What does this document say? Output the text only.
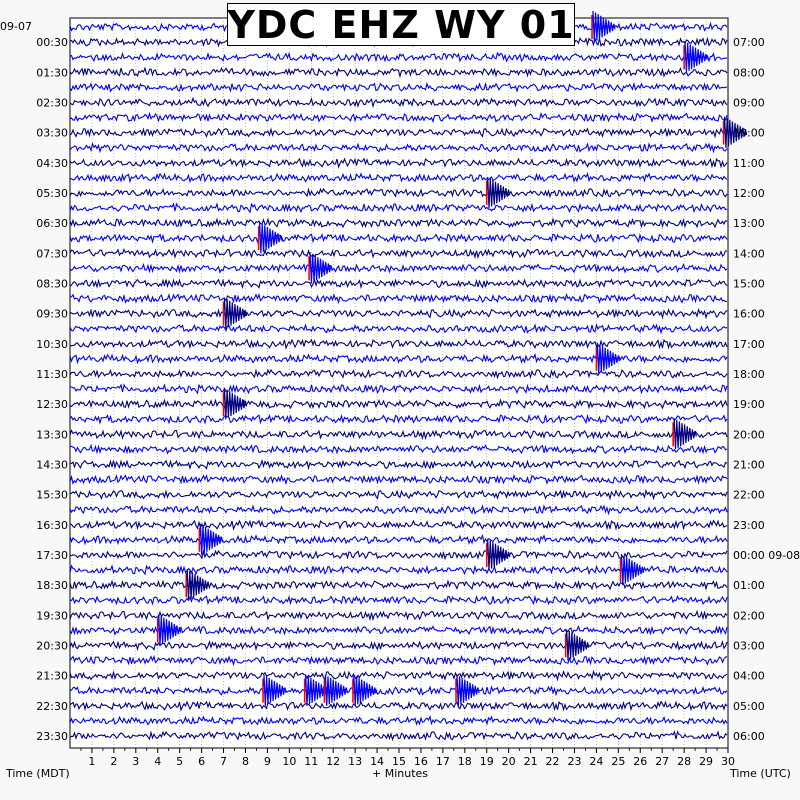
1 2 3 4 5 6 7 8 9 10 11 12 13 14 15 16 17 18 19 20 21 22 23 24 25 26 27 28 29 30
00:30
01:30
02:30
03:30
04:30
05:30
06:30
07:30
08:30
09:30
10:30
11:30
12:30
13:30
14:30
15:30
16:30
17:30
18:30
19:30
20:30
21:30
22:30
23:30
07:00
08:00
09:00
10:00
11:00
12:00
13:00
14:00
15:00
16:00
17:00
18:00
19:00
20:00
21:00
22:00
23:00
00:00 09-08
01:00
02:00
03:00
04:00
05:00
06:00
YDC EHZ WY 01
09-07
Time (MDT)	+ Minutes	Time (UTC)
